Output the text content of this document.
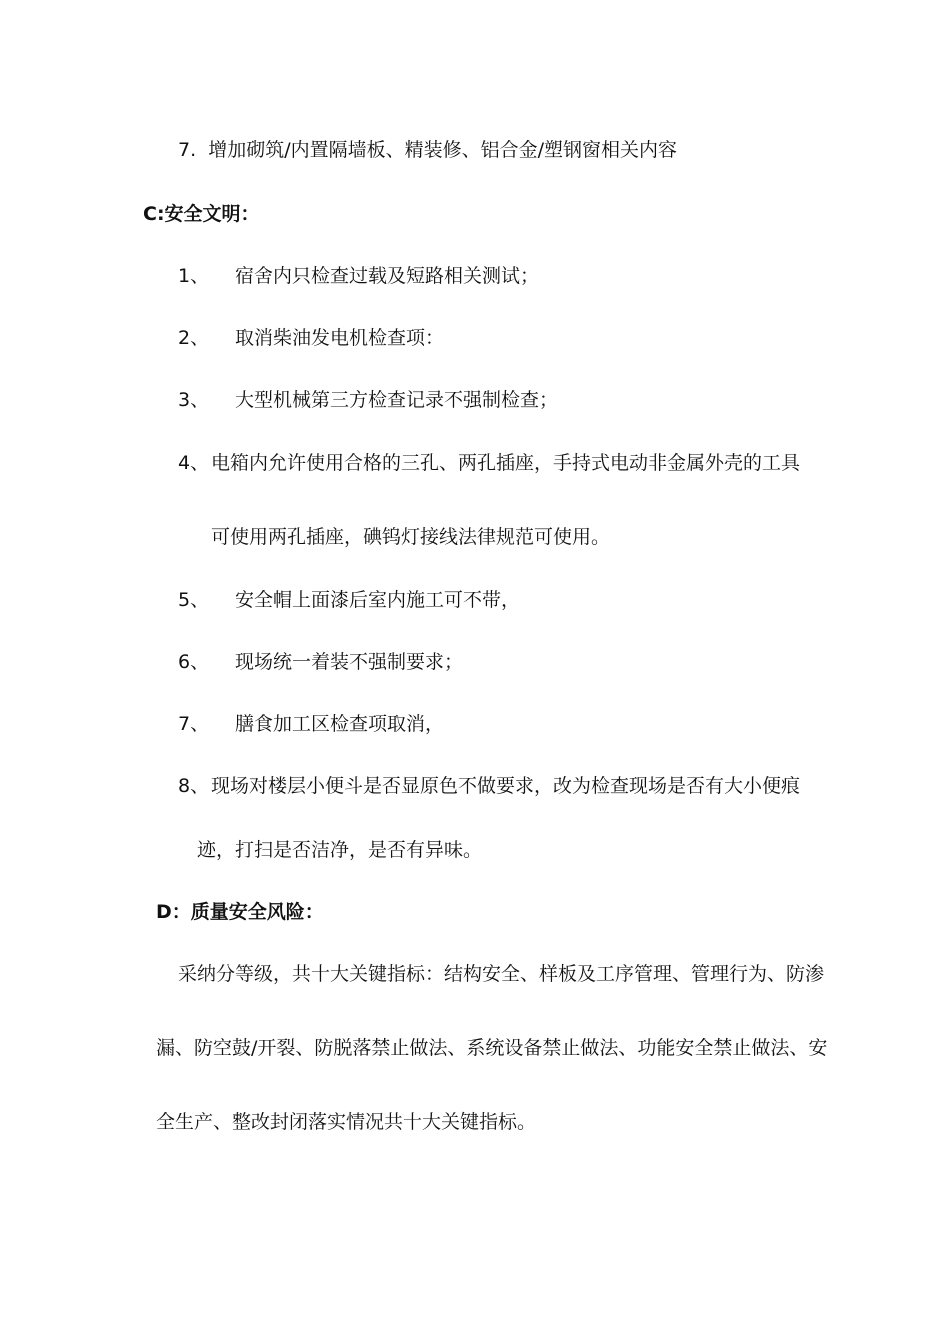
7. 增加砌筑/内置隔墙板、精装修、铝合金/塑钢窗相关内容
C:安全文明：
1、 宿舍内只检查过载及短路相关测试；
2、 取消柴油发电机检查项：
3、 大型机械第三方检查记录不强制检查；
4、 电箱内允许使用合格的三孔、两孔插座，手持式电动非金属外壳的工具
可使用两孔插座，碘钨灯接线法律规范可使用。
5、 安全帽上面漆后室内施工可不带，
6、 现场统一着装不强制要求；
7、 膳食加工区检查项取消，
8、 现场对楼层小便斗是否显原色不做要求，改为检查现场是否有大小便痕
迹，打扫是否洁净，是否有异味。
D：质量安全风险：
采纳分等级，共十大关键指标：结构安全、样板及工序管理、管理行为、防渗
漏、防空鼓/开裂、防脱落禁止做法、系统设备禁止做法、功能安全禁止做法、安
全生产、整改封闭落实情况共十大关键指标。
